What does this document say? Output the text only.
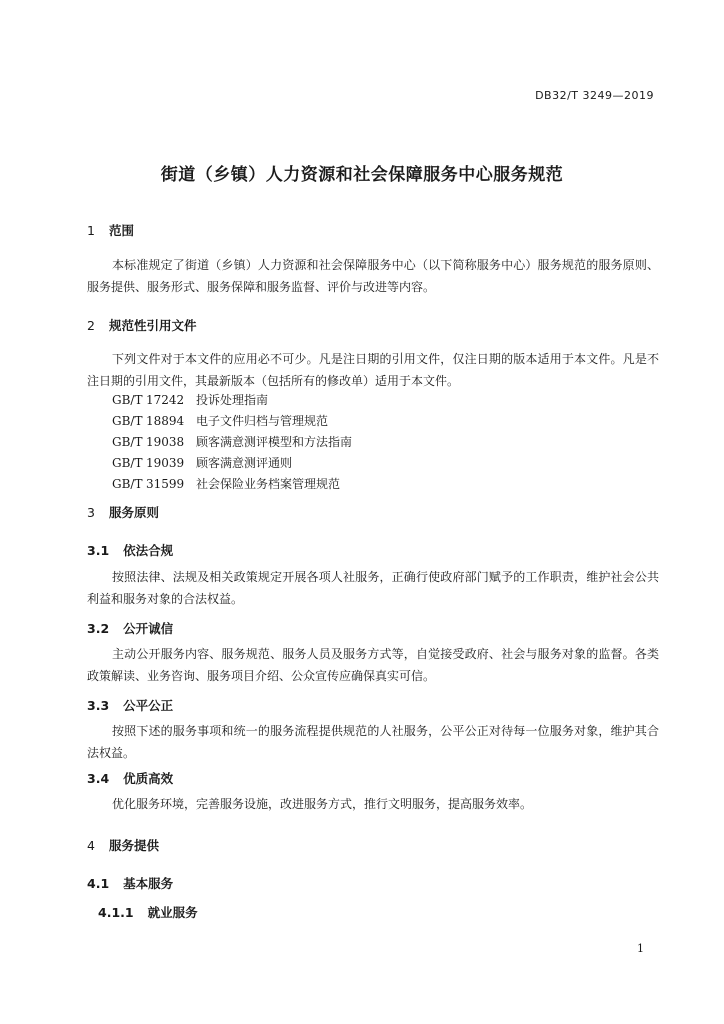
DB32/T 3249—2019
街道（乡镇）人力资源和社会保障服务中心服务规范
1 范围
本标准规定了街道（乡镇）人力资源和社会保障服务中心（以下简称服务中心）服务规范的服务原则、服务提供、服务形式、服务保障和服务监督、评价与改进等内容。
2 规范性引用文件
下列文件对于本文件的应用必不可少。凡是注日期的引用文件，仅注日期的版本适用于本文件。凡是不注日期的引用文件，其最新版本（包括所有的修改单）适用于本文件。
GB/T 17242 投诉处理指南
GB/T 18894 电子文件归档与管理规范
GB/T 19038 顾客满意测评模型和方法指南
GB/T 19039 顾客满意测评通则
GB/T 31599 社会保险业务档案管理规范
3 服务原则
3.1 依法合规
按照法律、法规及相关政策规定开展各项人社服务，正确行使政府部门赋予的工作职责，维护社会公共利益和服务对象的合法权益。
3.2 公开诚信
主动公开服务内容、服务规范、服务人员及服务方式等，自觉接受政府、社会与服务对象的监督。各类政策解读、业务咨询、服务项目介绍、公众宣传应确保真实可信。
3.3 公平公正
按照下述的服务事项和统一的服务流程提供规范的人社服务，公平公正对待每一位服务对象，维护其合法权益。
3.4 优质高效
优化服务环境，完善服务设施，改进服务方式，推行文明服务，提高服务效率。
4 服务提供
4.1 基本服务
4.1.1 就业服务
1
